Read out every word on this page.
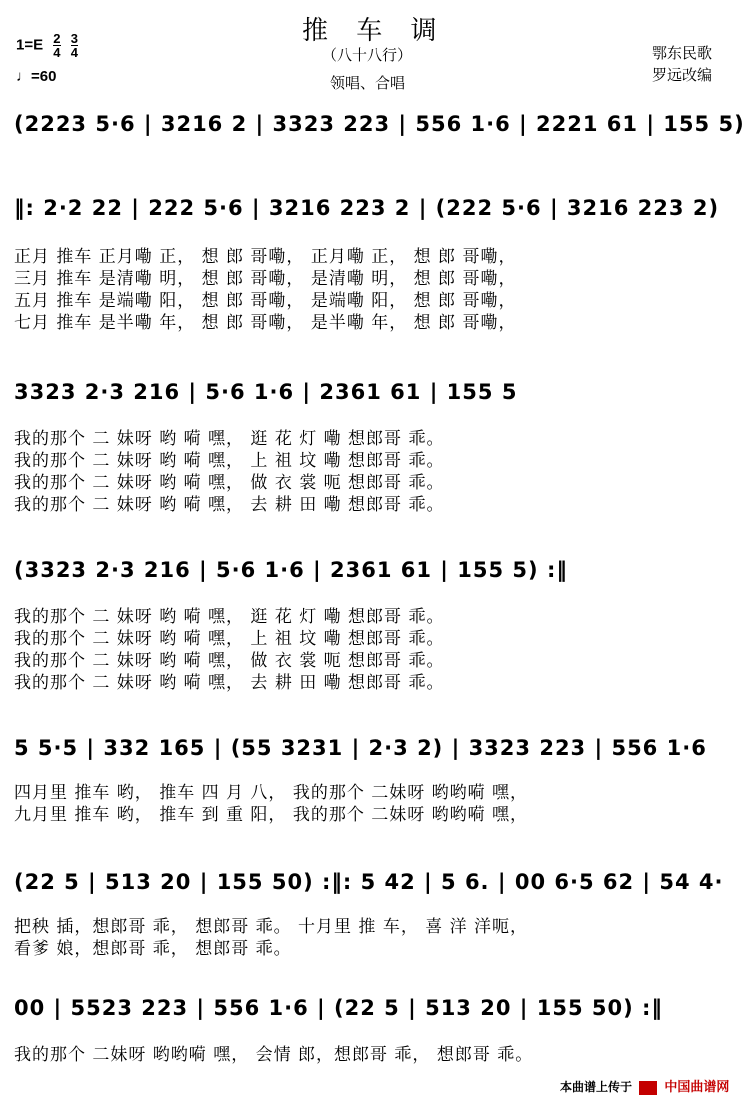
推 车 调
（八十八行）
领唱、合唱
$1=E \frac{2}{4}$
$\frac{3}{4}$
♩=60
鄂东民歌
罗远改编
(2223 5·6 | 3216 2 | 3323 223 | 556 1·6 | 2221 61 | 155 5)
‖: 2·2 22 | 222 5·6 | 3216 223 2 | (222 5·6 | 3216 223 2)
正月 推车 正月嘞 正， 想 郎 哥嘞， 正月嘞 正， 想 郎 哥嘞，
三月 推车 是清嘞 明， 想 郎 哥嘞， 是清嘞 明， 想 郎 哥嘞，
五月 推车 是端嘞 阳， 想 郎 哥嘞， 是端嘞 阳， 想 郎 哥嘞，
七月 推车 是半嘞 年， 想 郎 哥嘞， 是半嘞 年， 想 郎 哥嘞，
3323 2·3 216 | 5·6 1·6 | 2361 61 | 155 5
我的那个 二 妹呀 哟 嗬 嘿， 逛 花 灯 嘞 想郎哥 乖。
我的那个 二 妹呀 哟 嗬 嘿， 上 祖 坟 嘞 想郎哥 乖。
我的那个 二 妹呀 哟 嗬 嘿， 做 衣 裳 呃 想郎哥 乖。
我的那个 二 妹呀 哟 嗬 嘿， 去 耕 田 嘞 想郎哥 乖。
(3323 2·3 216 | 5·6 1·6 | 2361 61 | 155 5) :‖
我的那个 二 妹呀 哟 嗬 嘿， 逛 花 灯 嘞 想郎哥 乖。
我的那个 二 妹呀 哟 嗬 嘿， 上 祖 坟 嘞 想郎哥 乖。
我的那个 二 妹呀 哟 嗬 嘿， 做 衣 裳 呃 想郎哥 乖。
我的那个 二 妹呀 哟 嗬 嘿， 去 耕 田 嘞 想郎哥 乖。
5 5·5 | 332 165 | (55 3231 | 2·3 2) | 3323 223 | 556 1·6
四月里 推车 哟， 推车 四 月 八， 我的那个 二妹呀 哟哟嗬 嘿，
九月里 推车 哟， 推车 到 重 阳， 我的那个 二妹呀 哟哟嗬 嘿，
(22 5 | 513 20 | 155 50) :‖: 5 42 | 5 6. | 00 6·5 62 | 54 4·
把秧 插，想郎哥 乖， 想郎哥 乖。 十月里 推 车， 喜 洋 洋呃，
看爹 娘，想郎哥 乖， 想郎哥 乖。
00 | 5523 223 | 556 1·6 | (22 5 | 513 20 | 155 50) :‖
我的那个 二妹呀 哟哟嗬 嘿， 会情 郎，想郎哥 乖， 想郎哥 乖。
本曲谱上传于 中国曲谱网
